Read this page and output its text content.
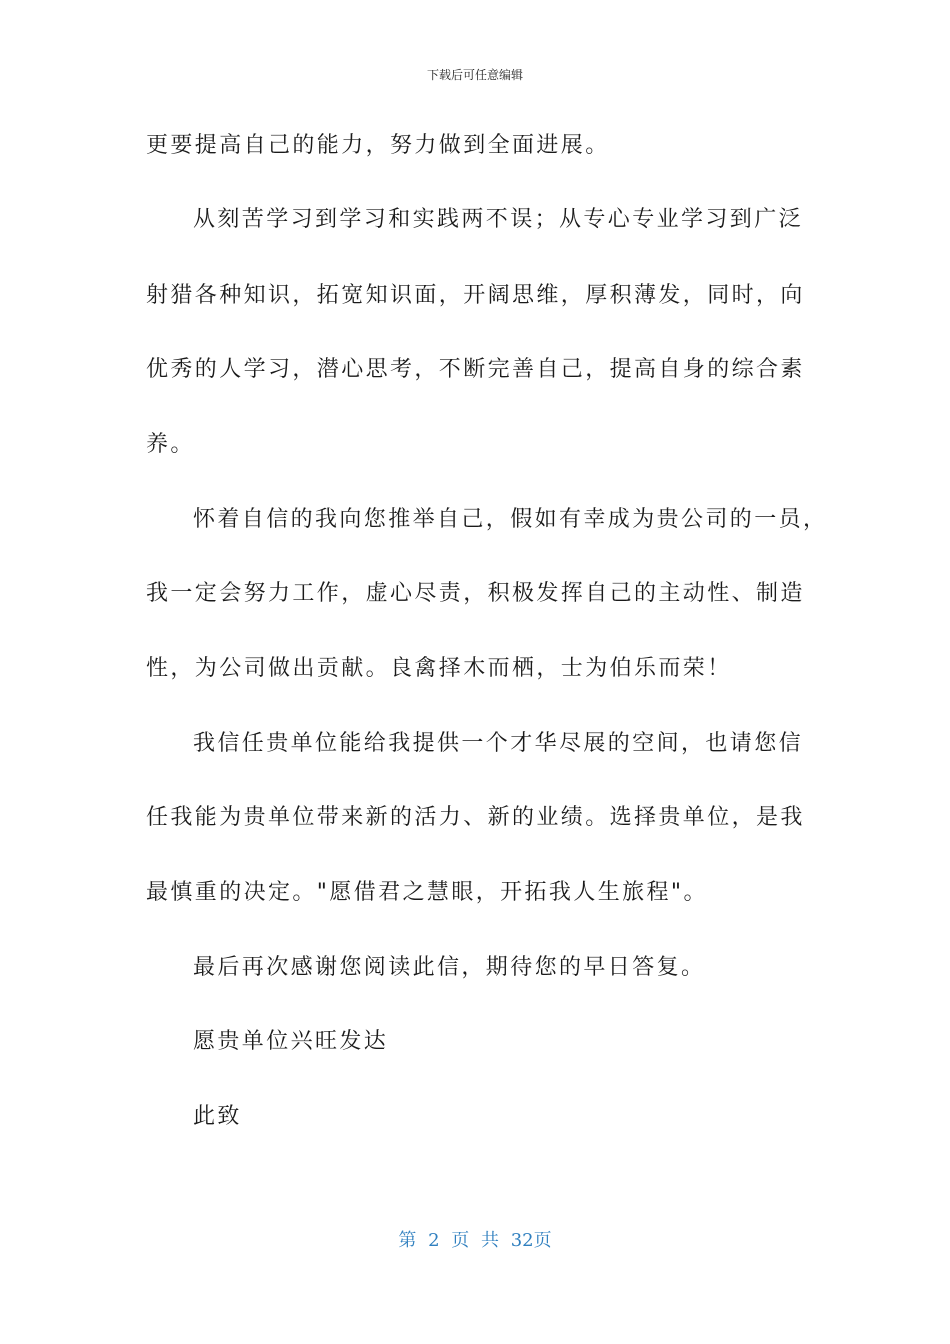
下载后可任意编辑
更要提高自己的能力，努力做到全面进展。
从刻苦学习到学习和实践两不误；从专心专业学习到广泛
射猎各种知识，拓宽知识面，开阔思维，厚积薄发，同时，向
优秀的人学习，潜心思考，不断完善自己，提高自身的综合素
养。
怀着自信的我向您推举自己，假如有幸成为贵公司的一员，
我一定会努力工作，虚心尽责，积极发挥自己的主动性、制造
性，为公司做出贡献。良禽择木而栖，士为伯乐而荣！
我信任贵单位能给我提供一个才华尽展的空间，也请您信
任我能为贵单位带来新的活力、新的业绩。选择贵单位，是我
最慎重的决定。"愿借君之慧眼，开拓我人生旅程"。
最后再次感谢您阅读此信，期待您的早日答复。
愿贵单位兴旺发达
此致
第 2 页 共 32页
